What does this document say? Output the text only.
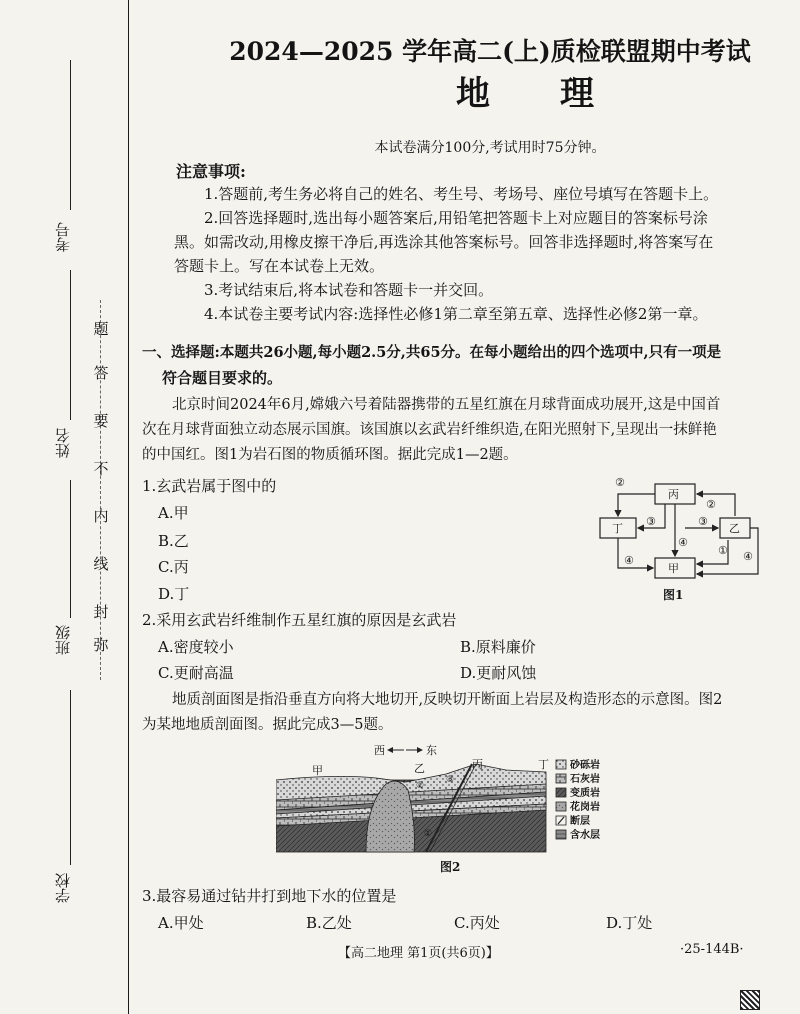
考号
姓名
班级
学校
弥
封
线
内
不
要
答
题
2024—2025 学年高二(上)质检联盟期中考试
地理
本试卷满分100分,考试用时75分钟。

注意事项:

1.答题前,考生务必将自己的姓名、考生号、考场号、座位号填写在答题卡上。

2.回答选择题时,选出每小题答案后,用铅笔把答题卡上对应题目的答案标号涂

黑。如需改动,用橡皮擦干净后,再选涂其他答案标号。回答非选择题时,将答案写在

答题卡上。写在本试卷上无效。

3.考试结束后,将本试卷和答题卡一并交回。

4.本试卷主要考试内容:选择性必修1第二章至第五章、选择性必修2第一章。

一、选择题:本题共26小题,每小题2.5分,共65分。在每小题给出的四个选项中,只有一项是

符合题目要求的。

北京时间2024年6月,嫦娥六号着陆器携带的五星红旗在月球背面成功展开,这是中国首

次在月球背面独立动态展示国旗。该国旗以玄武岩纤维织造,在阳光照射下,呈现出一抹鲜艳

的中国红。图1为岩石图的物质循环图。据此完成1—2题。

1.玄武岩属于图中的

A.甲
B.乙
C.丙
D.丁
丙
丁	乙
甲
②
②
③	③
④
④
① ④
图1

2.采用玄武岩纤维制作五星红旗的原因是玄武岩

A.密度较小	B.原料廉价
C.更耐高温	D.更耐风蚀

地质剖面图是指沿垂直方向将大地切开,反映切开断面上岩层及构造形态的示意图。图2

为某地地质剖面图。据此完成3—5题。

西	东
甲	乙	丙	丁
②
③
①
砂砾岩
石灰岩
变质岩
花岗岩
断层
含水层
图2

3.最容易通过钻井打到地下水的位置是

A.甲处	B.乙处	C.丙处	D.丁处
【高二地理 第1页(共6页)】	·25-144B·
